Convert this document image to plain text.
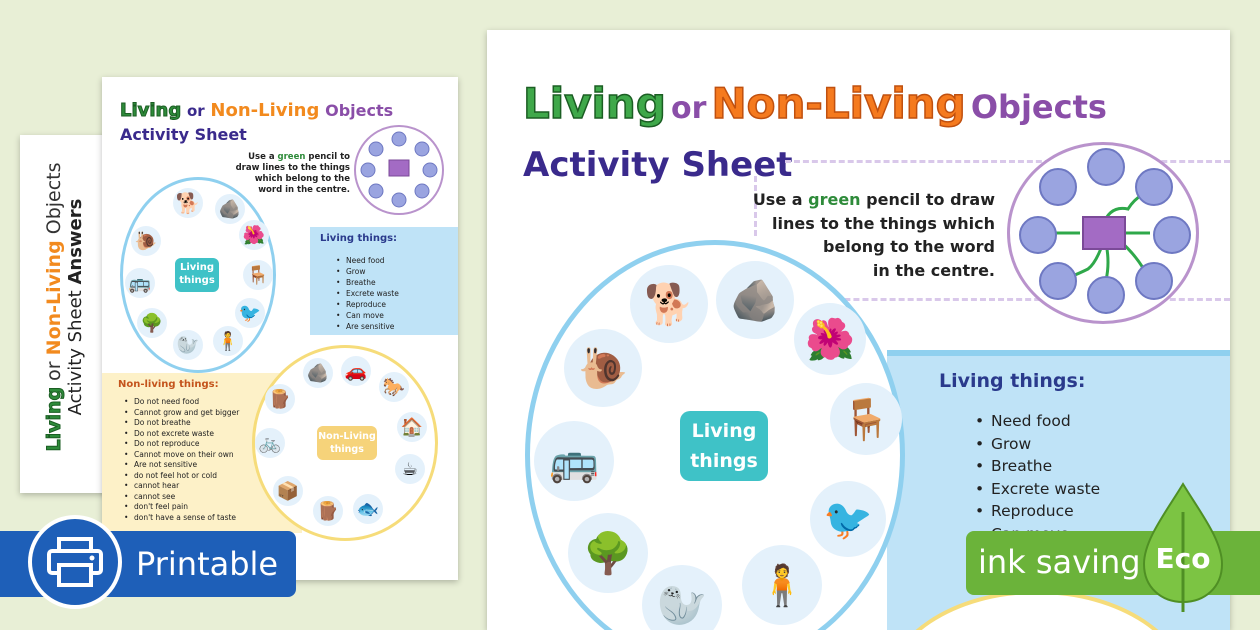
Living or Non-Living Objects
Activity Sheet Answers
Living or Non-Living Objects
Activity Sheet
Use a green pencil to draw lines to the things which belong to the word in the centre.
Living things
🐕 🪨
🌺
🐌
🚌	🪑
🐦
🌳
🦭 🧍
Living things:
• Need food
• Grow
• Breathe
• Excrete waste
• Reproduce
• Can move
• Are sensitive
Non-living things:
• Do not need food
• Cannot grow and get bigger
• Do not breathe
• Do not excrete waste
• Do not reproduce
• Cannot move on their own
• Are not sensitive
• do not feel hot or cold
• cannot hear
• cannot see
• don't feel pain
• don't have a sense of taste
Non-Living things
🪨 🚗
🐎
🪵
🏠
🚲
☕
📦
🪵 🐟
Living or Non-Living Objects
Activity Sheet
Use a green pencil to draw
lines to the things which
belong to the word
in the centre.
Living things:
• Need food
• Grow
• Breathe
• Excrete waste
• Reproduce
•
Living
things
🐕 🪨
🌺
🐌
🪑
🚌
🐦
🌳
🦭	🧍
Printable	ink saving Eco
